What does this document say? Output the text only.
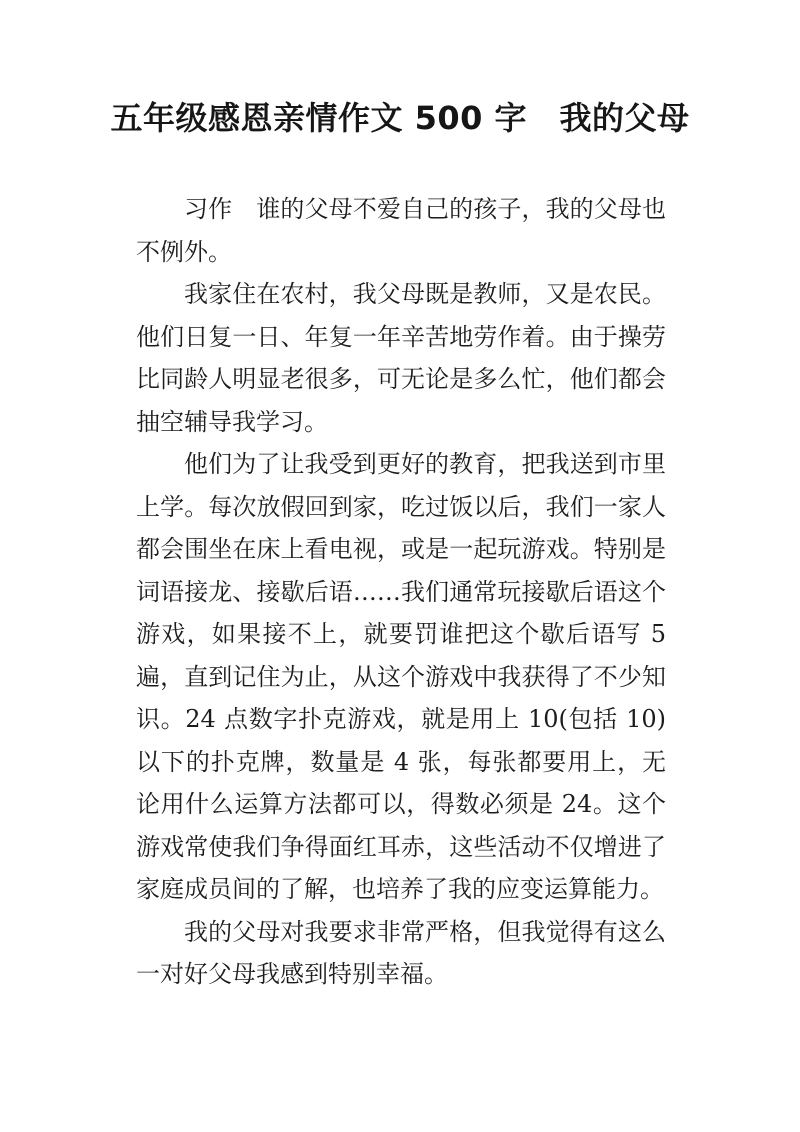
五年级感恩亲情作文 500 字　我的父母

习作　谁的父母不爱自己的孩子，我的父母也不例外。

我家住在农村，我父母既是教师，又是农民。他们日复一日、年复一年辛苦地劳作着。由于操劳比同龄人明显老很多，可无论是多么忙，他们都会抽空辅导我学习。

他们为了让我受到更好的教育，把我送到市里上学。每次放假回到家，吃过饭以后，我们一家人都会围坐在床上看电视，或是一起玩游戏。特别是词语接龙、接歇后语……我们通常玩接歇后语这个游戏，如果接不上，就要罚谁把这个歇后语写 5 遍，直到记住为止，从这个游戏中我获得了不少知识。24 点数字扑克游戏，就是用上 10(包括 10)以下的扑克牌，数量是 4 张，每张都要用上，无论用什么运算方法都可以，得数必须是 24。这个游戏常使我们争得面红耳赤，这些活动不仅增进了家庭成员间的了解，也培养了我的应变运算能力。

我的父母对我要求非常严格，但我觉得有这么一对好父母我感到特别幸福。
